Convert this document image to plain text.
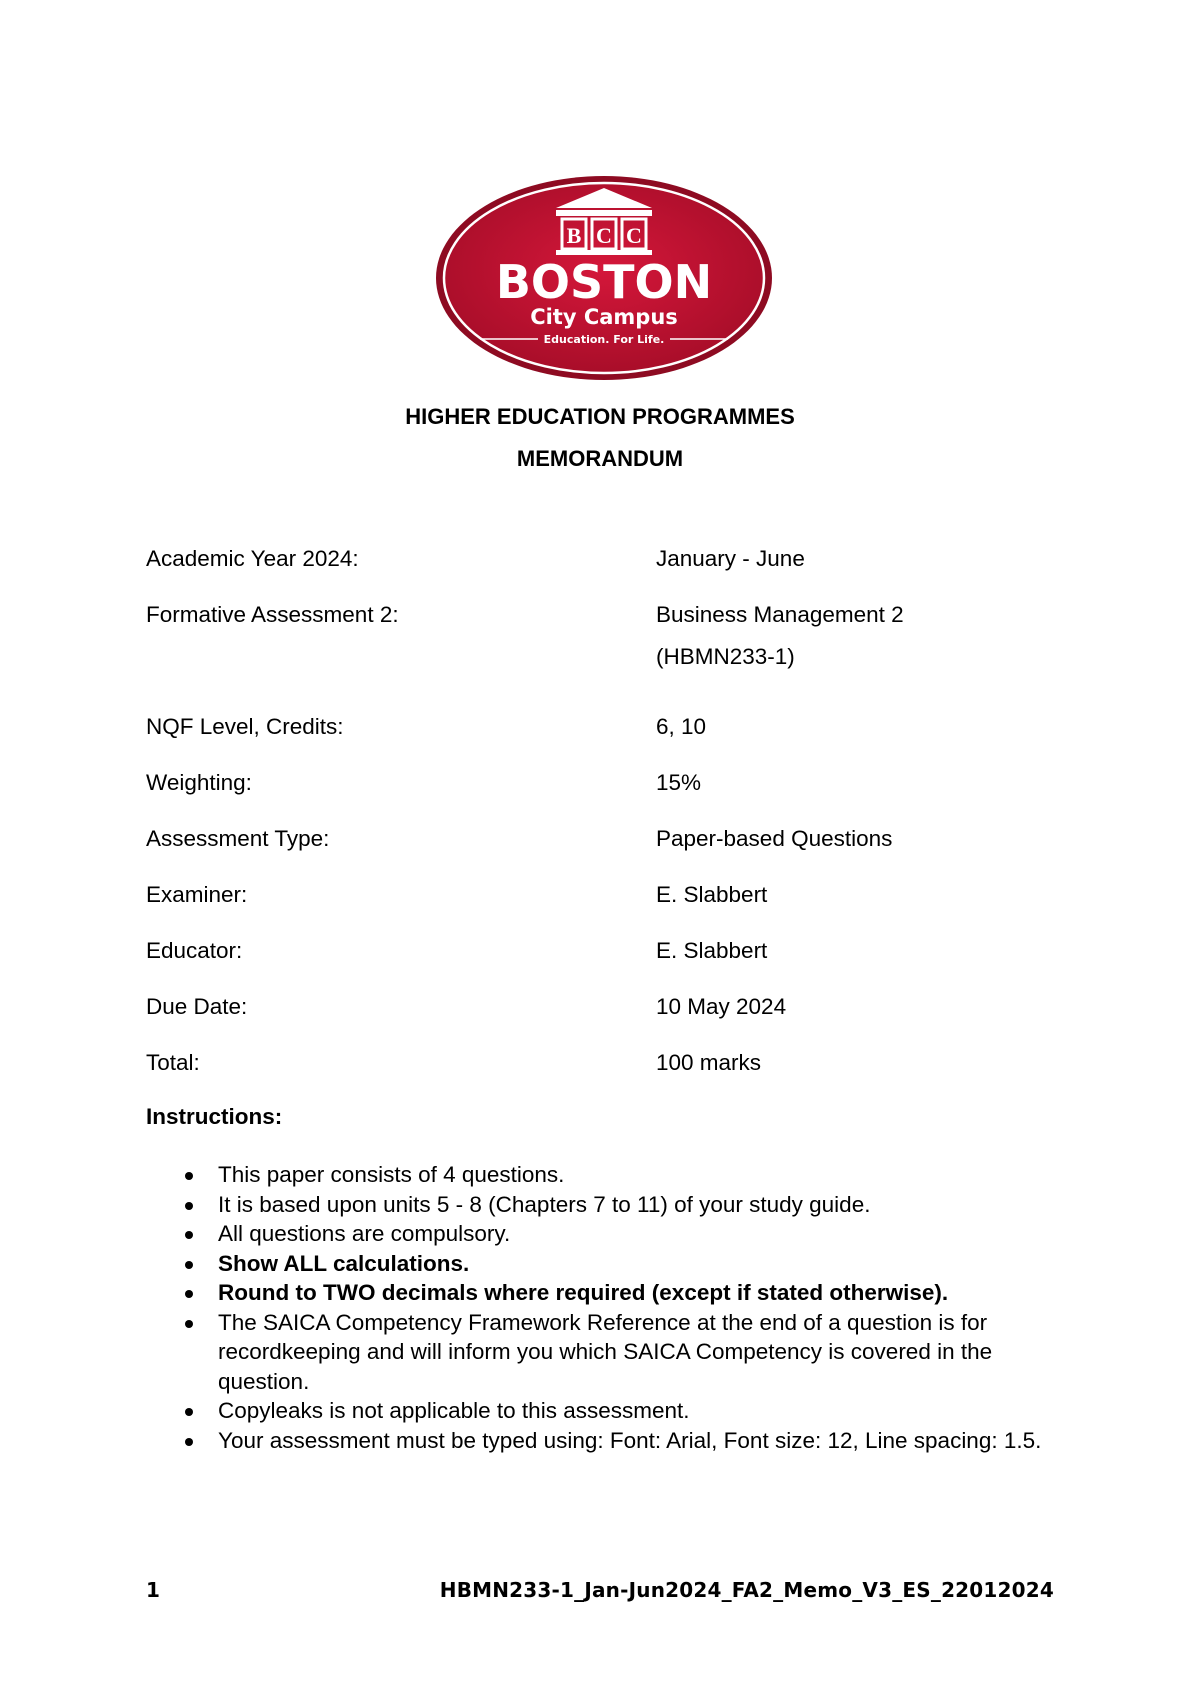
B C C
BOSTON
City Campus
Education. For Life.
HIGHER EDUCATION PROGRAMMES
MEMORANDUM
Academic Year 2024:	January - June
Formative Assessment 2:	Business Management 2
(HBMN233-1)
NQF Level, Credits:	6, 10
Weighting:	15%
Assessment Type:	Paper-based Questions
Examiner:	E. Slabbert
Educator:	E. Slabbert
Due Date:	10 May 2024
Total:	100 marks
Instructions:
This paper consists of 4 questions.
It is based upon units 5 - 8 (Chapters 7 to 11) of your study guide.
All questions are compulsory.
Show ALL calculations.
Round to TWO decimals where required (except if stated otherwise).
The SAICA Competency Framework Reference at the end of a question is for recordkeeping and will inform you which SAICA Competency is covered in the question.
Copyleaks is not applicable to this assessment.
Your assessment must be typed using: Font: Arial, Font size: 12, Line spacing: 1.5.
1	HBMN233-1_Jan-Jun2024_FA2_Memo_V3_ES_22012024
